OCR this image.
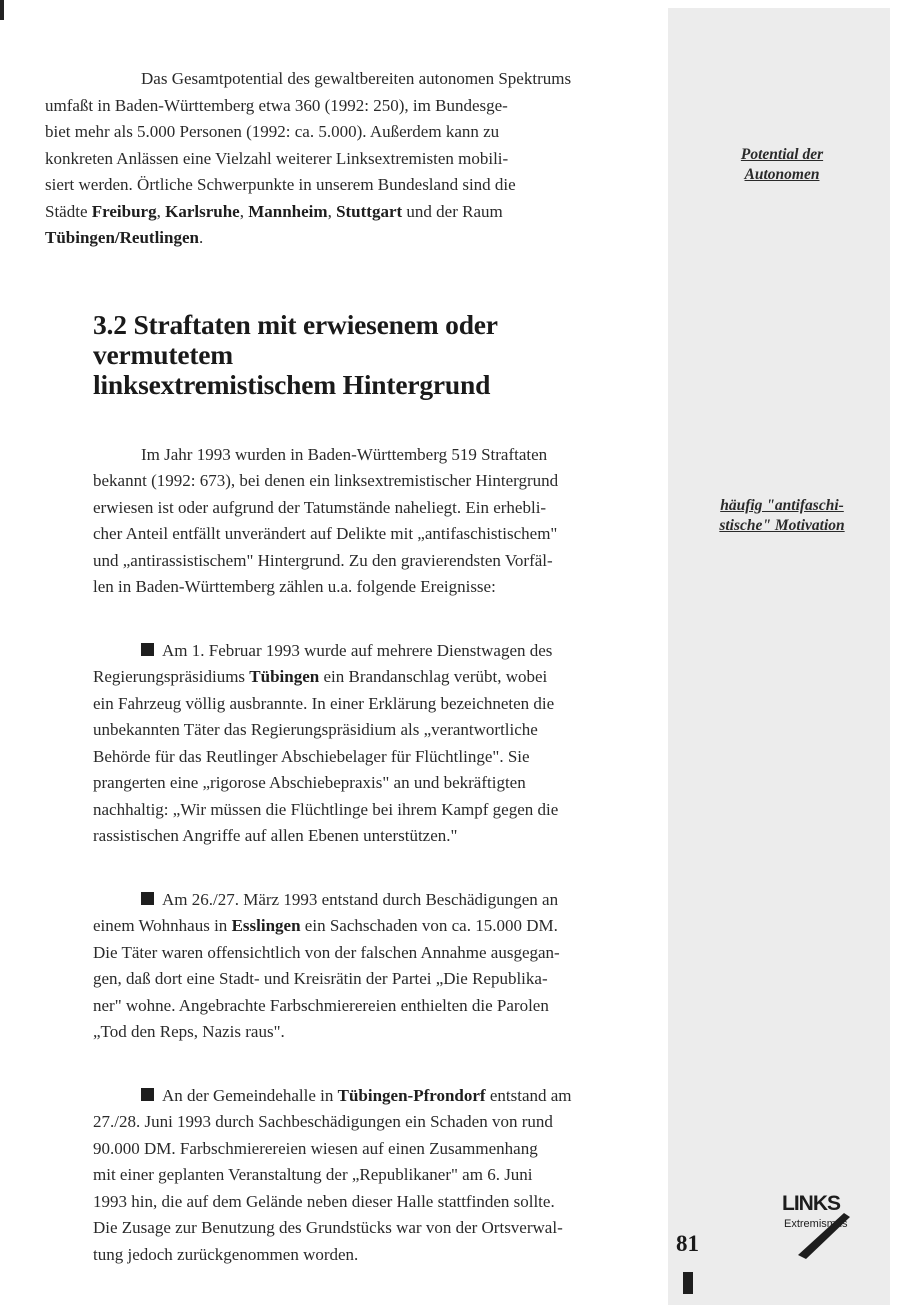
Potential der
Autonomen
häufig "antifaschi-
stische" Motivation

Das Gesamtpotential des gewaltbereiten autonomen Spektrums
umfaßt in Baden-Württemberg etwa 360 (1992: 250), im Bundesge-
biet mehr als 5.000 Personen (1992: ca. 5.000). Außerdem kann zu
konkreten Anlässen eine Vielzahl weiterer Linksextremisten mobili-
siert werden. Örtliche Schwerpunkte in unserem Bundesland sind die
Städte Freiburg, Karlsruhe, Mannheim, Stuttgart und der Raum
Tübingen/Reutlingen.

3.2 Straftaten mit erwiesenem oder vermutetem
linksextremistischem Hintergrund

Im Jahr 1993 wurden in Baden-Württemberg 519 Straftaten
bekannt (1992: 673), bei denen ein linksextremistischer Hintergrund
erwiesen ist oder aufgrund der Tatumstände naheliegt. Ein erhebli-
cher Anteil entfällt unverändert auf Delikte mit „antifaschistischem"
und „antirassistischem" Hintergrund. Zu den gravierendsten Vorfäl-
len in Baden-Württemberg zählen u.a. folgende Ereignisse:

Am 1. Februar 1993 wurde auf mehrere Dienstwagen des
Regierungspräsidiums Tübingen ein Brandanschlag verübt, wobei
ein Fahrzeug völlig ausbrannte. In einer Erklärung bezeichneten die
unbekannten Täter das Regierungspräsidium als „verantwortliche
Behörde für das Reutlinger Abschiebelager für Flüchtlinge". Sie
prangerten eine „rigorose Abschiebepraxis" an und bekräftigten
nachhaltig: „Wir müssen die Flüchtlinge bei ihrem Kampf gegen die
rassistischen Angriffe auf allen Ebenen unterstützen."

Am 26./27. März 1993 entstand durch Beschädigungen an
einem Wohnhaus in Esslingen ein Sachschaden von ca. 15.000 DM.
Die Täter waren offensichtlich von der falschen Annahme ausgegan-
gen, daß dort eine Stadt- und Kreisrätin der Partei „Die Republika-
ner" wohne. Angebrachte Farbschmierereien enthielten die Parolen
„Tod den Reps, Nazis raus".

An der Gemeindehalle in Tübingen-Pfrondorf entstand am
27./28. Juni 1993 durch Sachbeschädigungen ein Schaden von rund
90.000 DM. Farbschmierereien wiesen auf einen Zusammenhang
mit einer geplanten Veranstaltung der „Republikaner" am 6. Juni
1993 hin, die auf dem Gelände neben dieser Halle stattfinden sollte.
Die Zusage zur Benutzung des Grundstücks war von der Ortsverwal-
tung jedoch zurückgenommen worden.	81
LINKS
Extremismus
